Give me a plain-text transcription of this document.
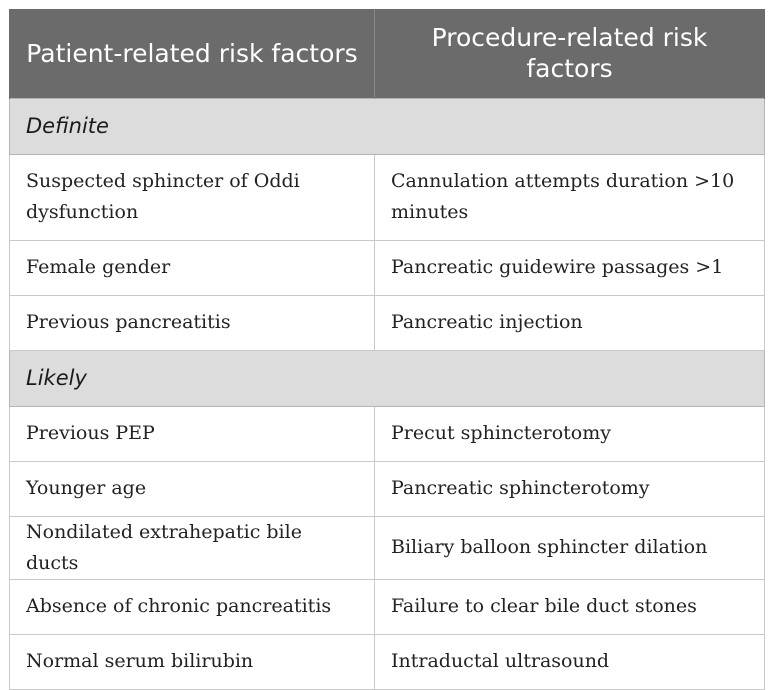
Patient-related risk factors	Procedure-related risk factors
Definite	
Suspected sphincter of Oddi dysfunction	Cannulation attempts duration >10 minutes
Female gender	Pancreatic guidewire passages >1
Previous pancreatitis	Pancreatic injection
Likely	
Previous PEP	Precut sphincterotomy
Younger age	Pancreatic sphincterotomy
Nondilated extrahepatic bile ducts	Biliary balloon sphincter dilation
Absence of chronic pancreatitis	Failure to clear bile duct stones
Normal serum bilirubin	Intraductal ultrasound
